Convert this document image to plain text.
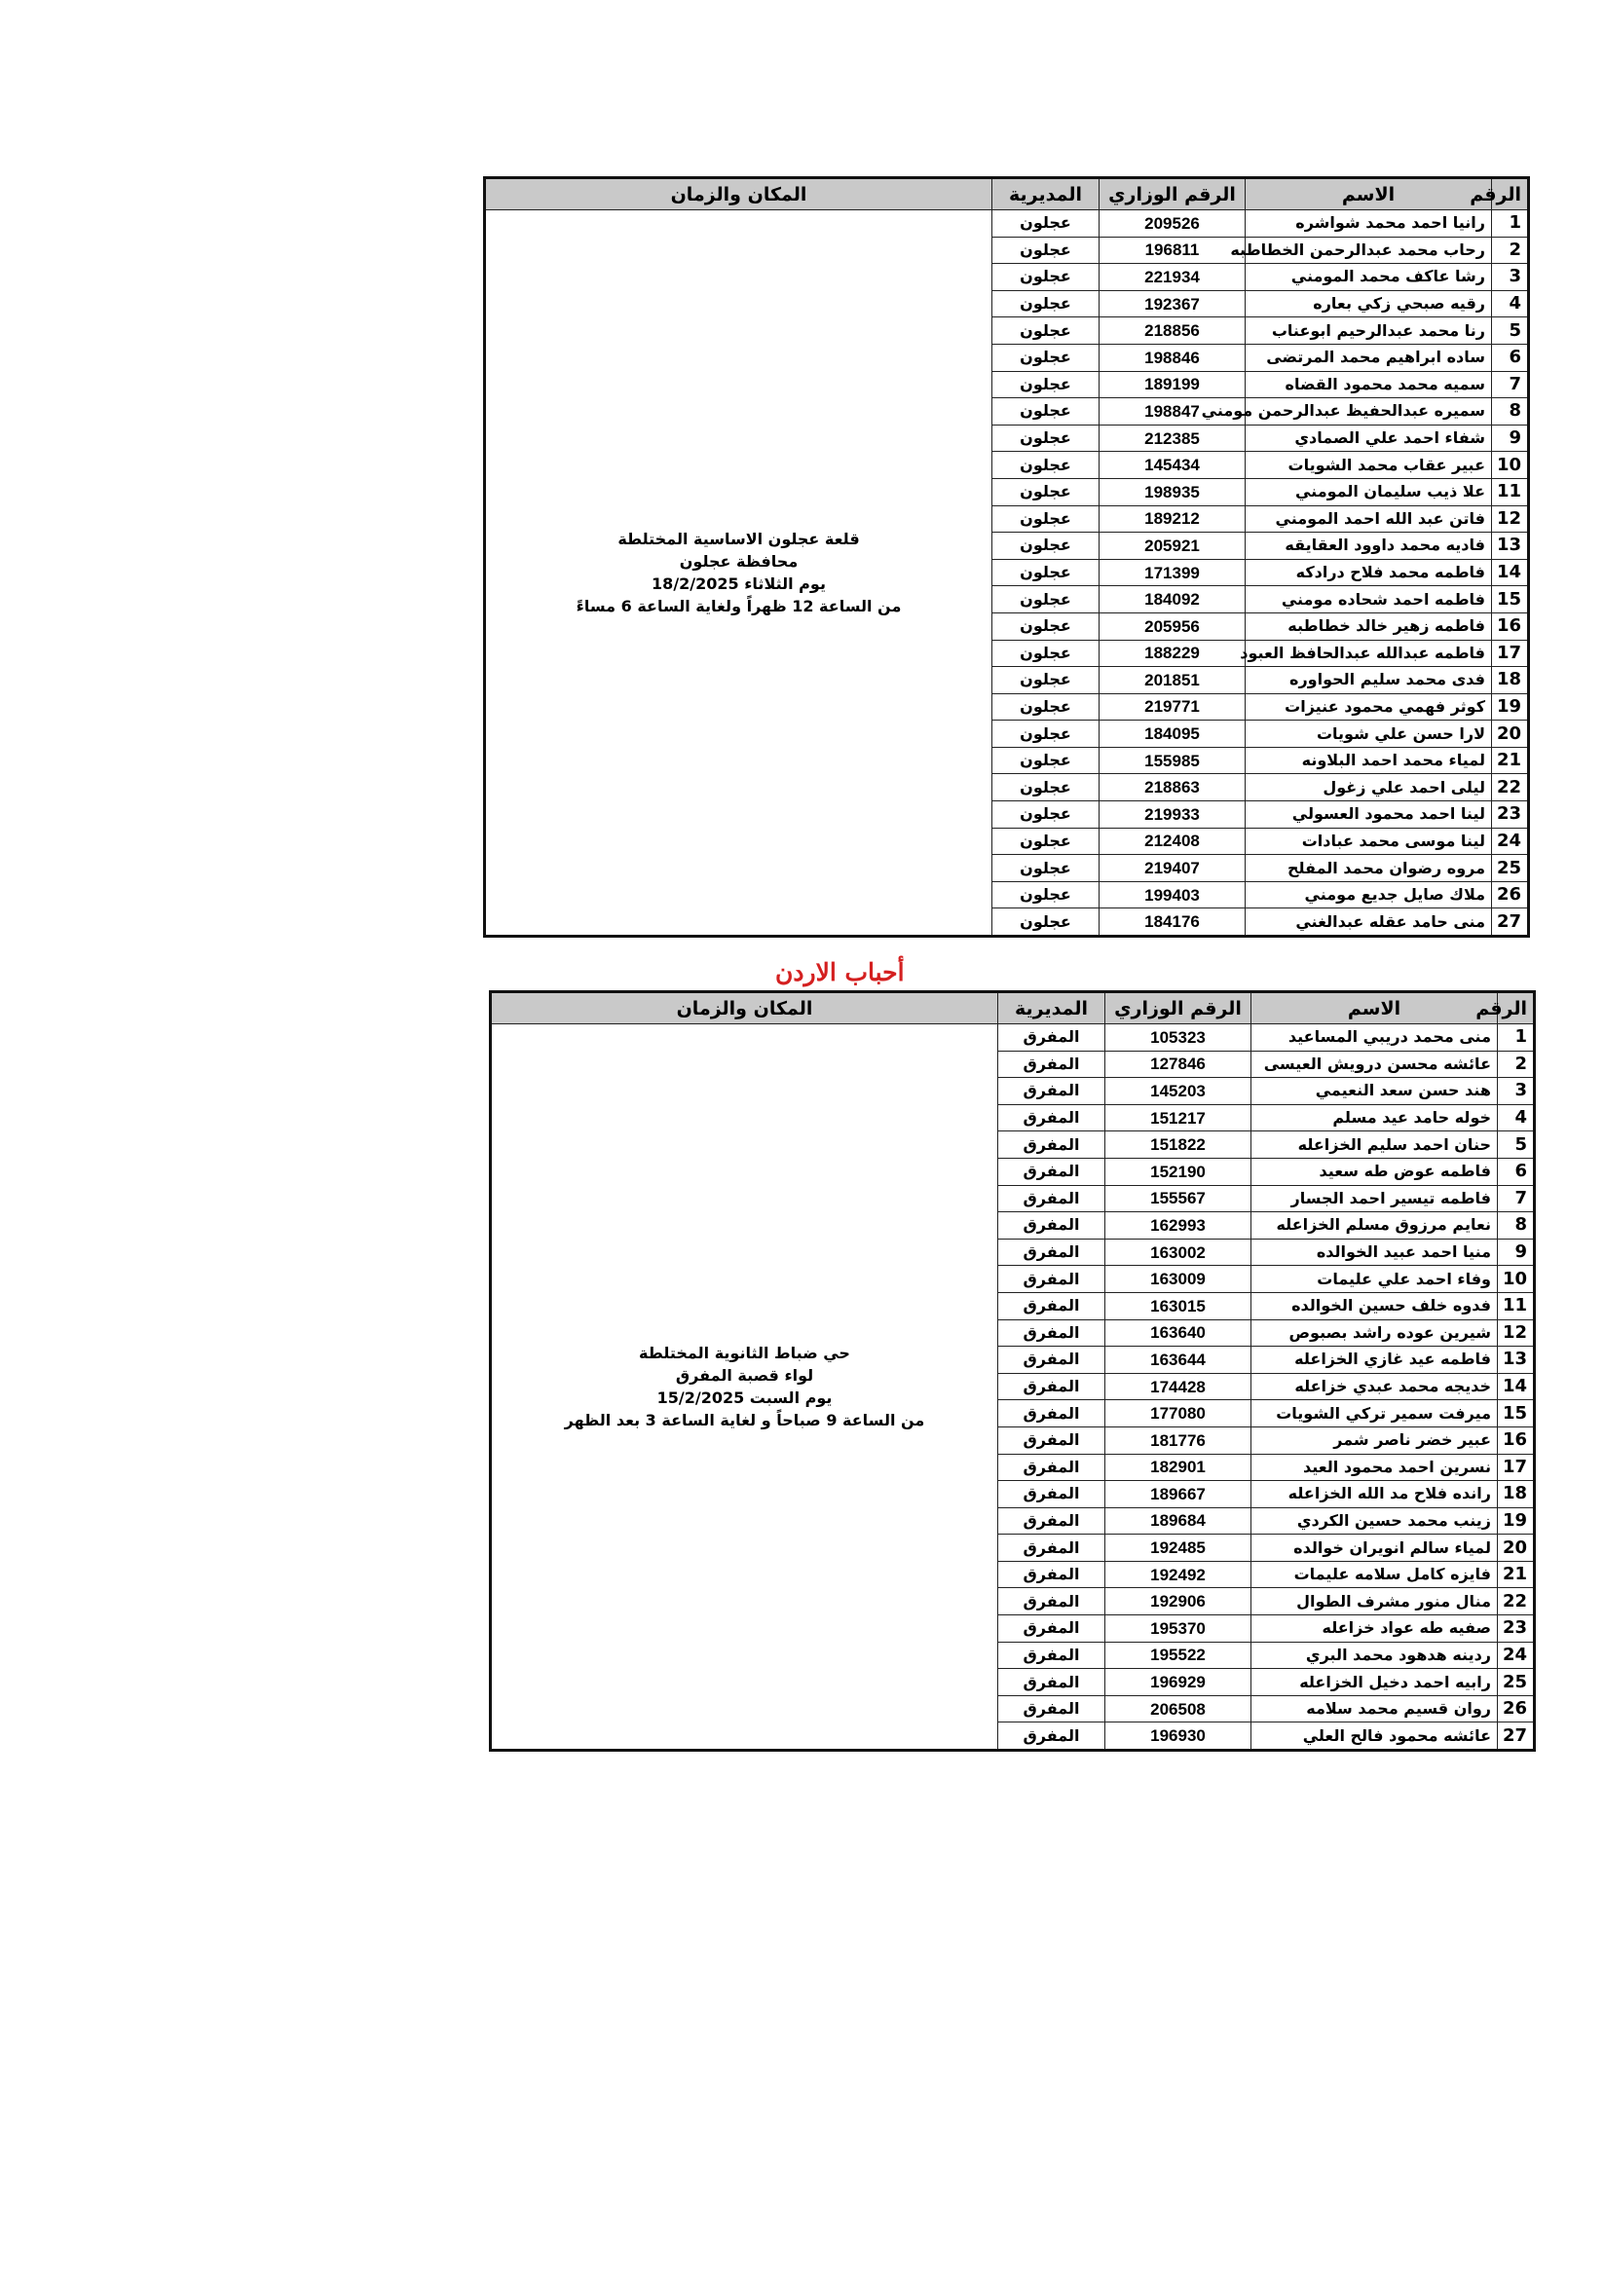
الرقم	الاسم	الرقم الوزاري	المديرية	المكان والزمان
1	رانيا احمد محمد شواشره	209526	عجلون	قلعة عجلون الاساسية المختلطة
محافظة عجلون
يوم الثلاثاء 18/2/2025
من الساعة 12 ظهراً ولغاية الساعة 6 مساءً

2	رحاب محمد عبدالرحمن الخطاطبه	196811	عجلون	
3	رشا عاكف محمد المومني	221934	عجلون	
4	رقيه صبحي زكي بعاره	192367	عجلون	
5	رنا محمد عبدالرحيم ابوعناب	218856	عجلون	
6	ساده ابراهيم محمد المرتضى	198846	عجلون	
7	سميه محمد محمود القضاه	189199	عجلون	
8	سميره عبدالحفيظ عبدالرحمن مومني	198847	عجلون	
9	شفاء احمد علي الصمادي	212385	عجلون	
10	عبير عقاب محمد الشويات	145434	عجلون	
11	علا ذيب سليمان المومني	198935	عجلون	
12	فاتن عبد الله احمد المومني	189212	عجلون	
13	فاديه محمد داوود العقايقه	205921	عجلون	
14	فاطمه محمد فلاح درادكه	171399	عجلون	
15	فاطمه احمد شحاده مومني	184092	عجلون	
16	فاطمه زهير خالد خطاطبه	205956	عجلون	
17	فاطمه عبدالله عبدالحافظ العبود	188229	عجلون	
18	فدى محمد سليم الحواوره	201851	عجلون	
19	كوثر فهمي محمود عنيزات	219771	عجلون	
20	لارا حسن علي شويات	184095	عجلون	
21	لمياء محمد احمد البلاونه	155985	عجلون	
22	ليلى احمد علي زغول	218863	عجلون	
23	لينا احمد محمود العسولي	219933	عجلون	
24	لينا موسى محمد عبادات	212408	عجلون	
25	مروه رضوان محمد المفلح	219407	عجلون	
26	ملاك صايل جديع مومني	199403	عجلون	
27	منى حامد عقله عبدالغني	184176	عجلون	
أحباب الاردن
الرقم	الاسم	الرقم الوزاري	المديرية	المكان والزمان
1	منى محمد دريبي المساعيد	105323	المفرق	حي ضباط الثانوية المختلطة
لواء قصبة المفرق
يوم السبت 15/2/2025
من الساعة 9 صباحاً و لغاية الساعة 3 بعد الظهر

2	عائشه محسن درويش العيسى	127846	المفرق	
3	هند حسن سعد النعيمي	145203	المفرق	
4	خوله حامد عيد مسلم	151217	المفرق	
5	حنان احمد سليم الخزاعله	151822	المفرق	
6	فاطمه عوض طه سعيد	152190	المفرق	
7	فاطمه تيسير احمد الجسار	155567	المفرق	
8	نعايم مرزوق مسلم الخزاعله	162993	المفرق	
9	منيا احمد عبيد الخوالده	163002	المفرق	
10	وفاء احمد علي عليمات	163009	المفرق	
11	فدوه خلف حسين الخوالده	163015	المفرق	
12	شيرين عوده راشد بصبوص	163640	المفرق	
13	فاطمه عيد غازي الخزاعله	163644	المفرق	
14	خديجه محمد عبدي خزاعله	174428	المفرق	
15	ميرفت سمير تركي الشويات	177080	المفرق	
16	عبير خضر ناصر شمر	181776	المفرق	
17	نسرين احمد محمود العيد	182901	المفرق	
18	رانده فلاح مد الله الخزاعله	189667	المفرق	
19	زينب محمد حسين الكردي	189684	المفرق	
20	لمياء سالم انويران خوالده	192485	المفرق	
21	فايزه كامل سلامه عليمات	192492	المفرق	
22	منال منور مشرف الطوال	192906	المفرق	
23	صفيه طه عواد خزاعله	195370	المفرق	
24	ردينه هدهود محمد البري	195522	المفرق	
25	رابيه احمد دخيل الخزاعله	196929	المفرق	
26	روان قسيم محمد سلامه	206508	المفرق	
27	عائشه محمود فالح العلي	196930	المفرق	
